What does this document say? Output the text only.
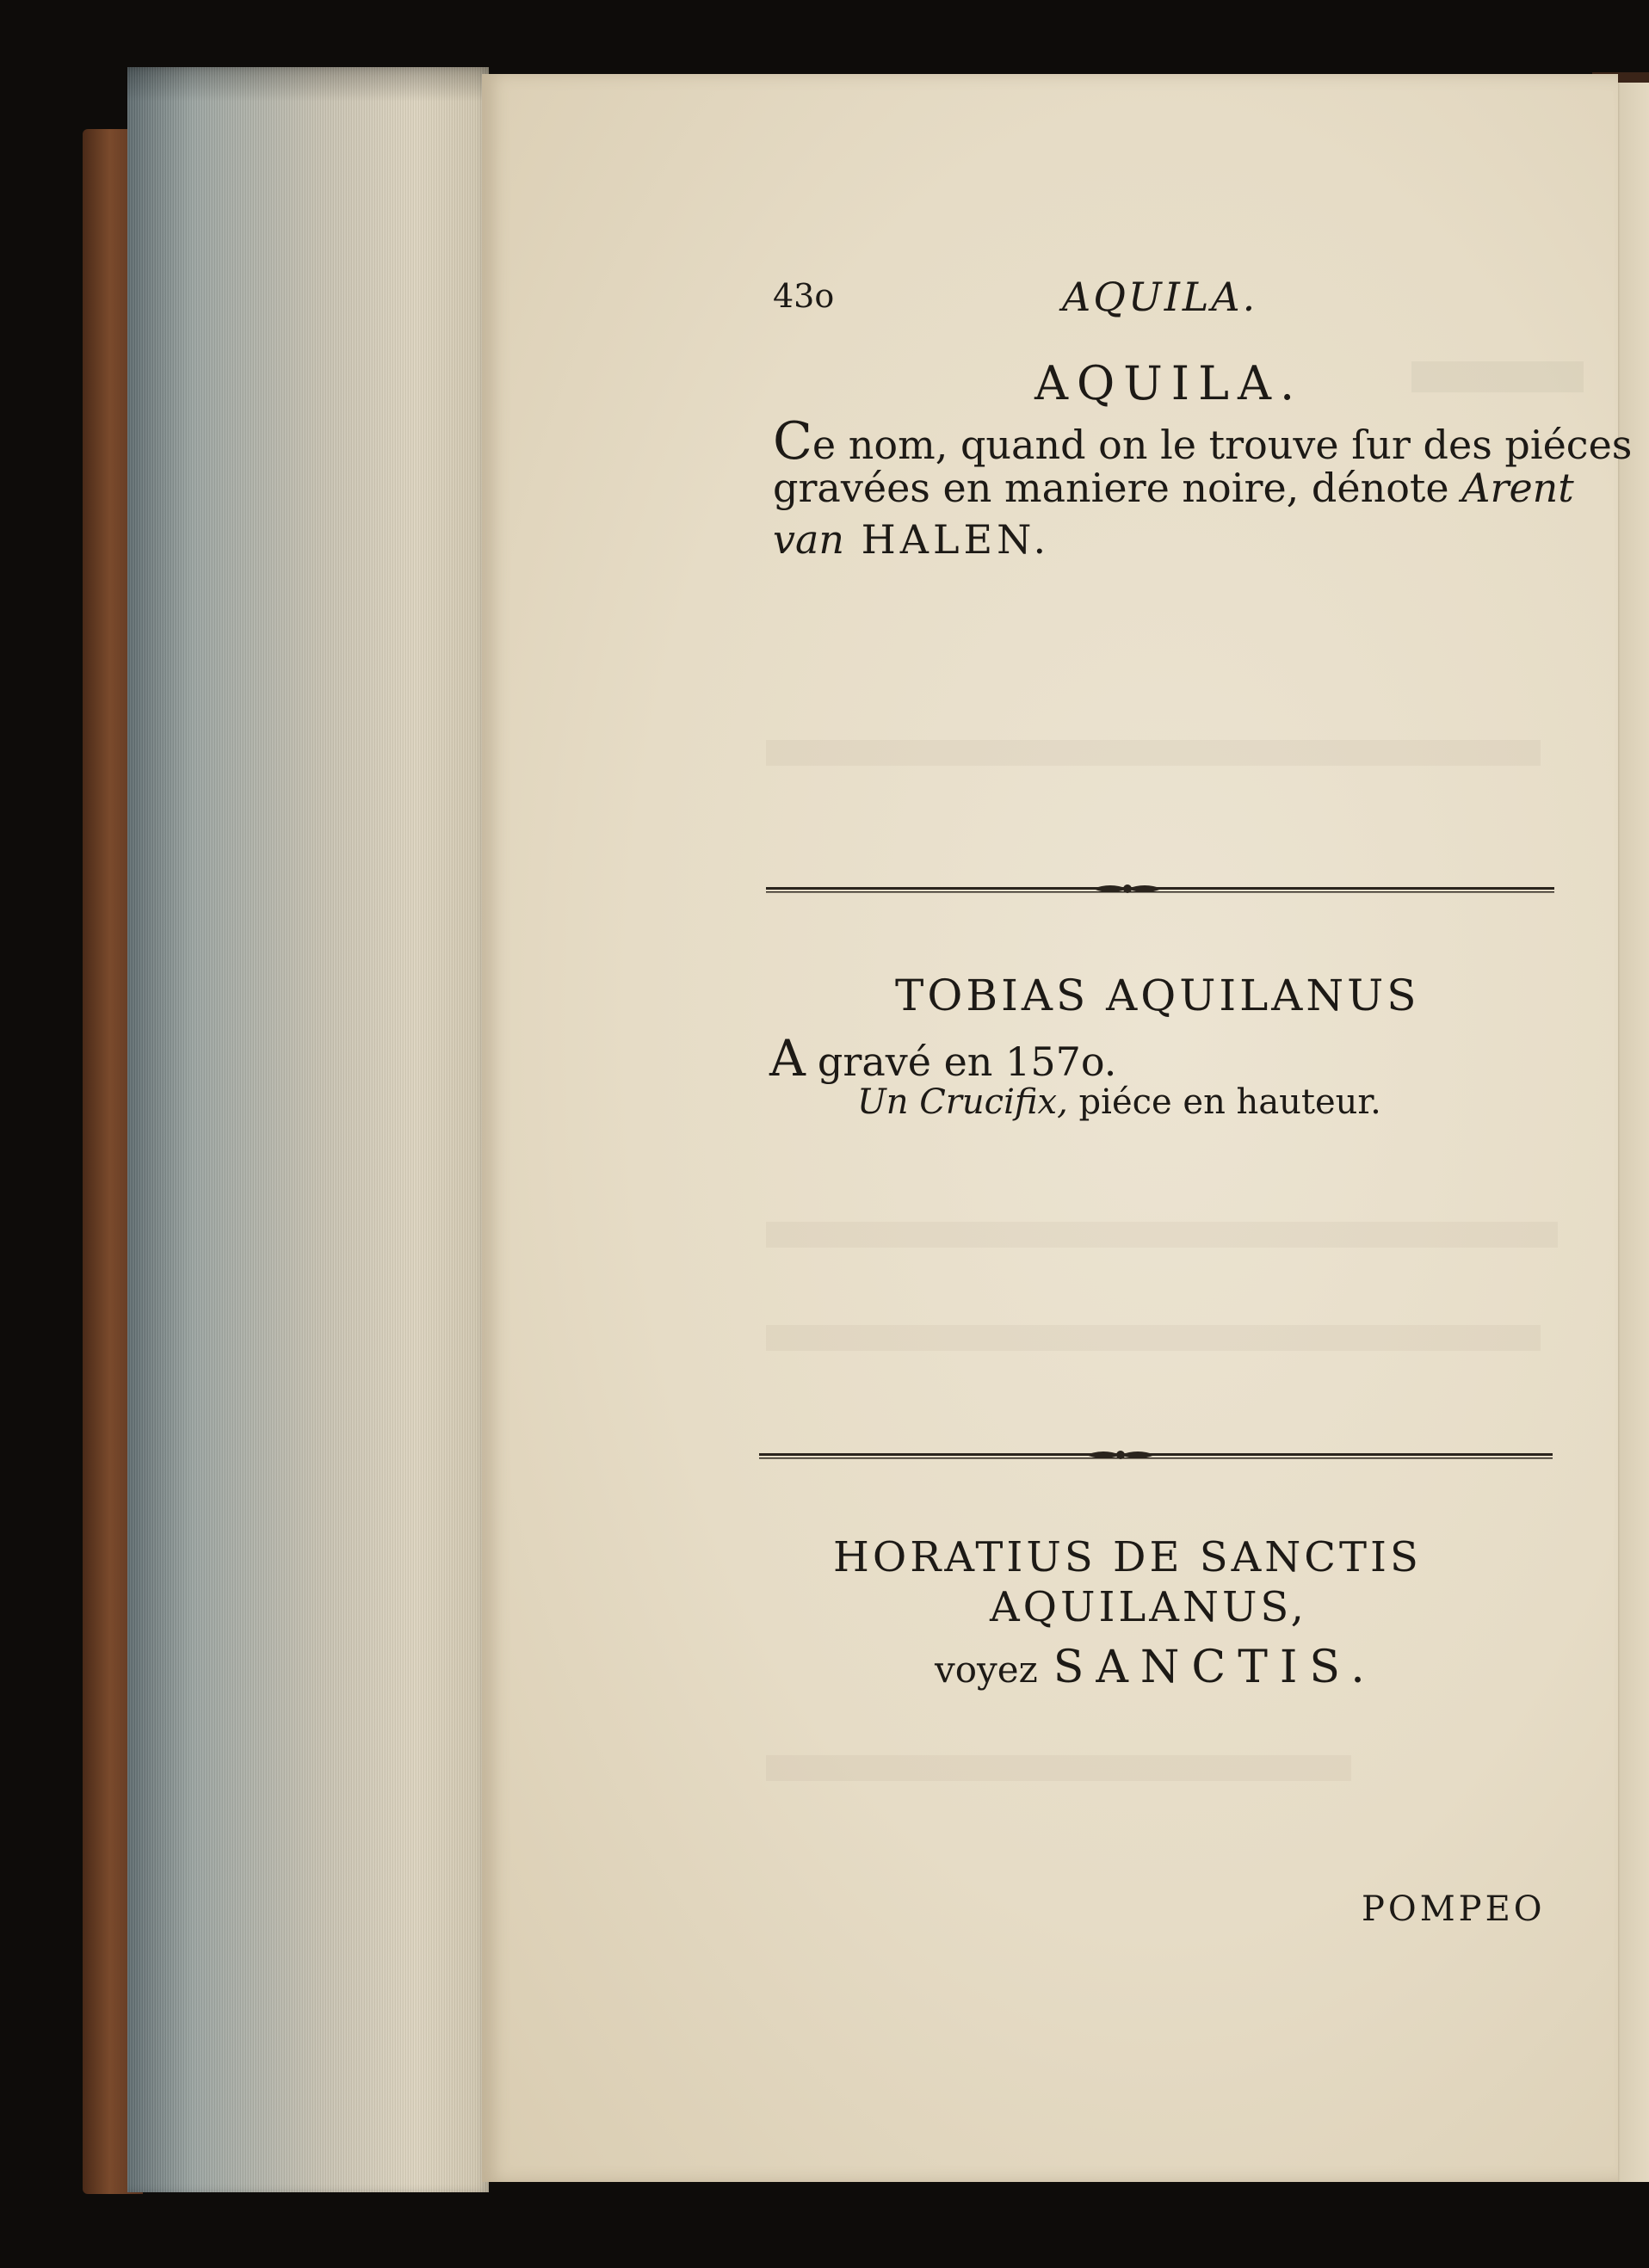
43o	AQUILA.
AQUILA.
Ce nom, quand on le trouve ſur des piéces
gravées en maniere noire, dénote Arent
van HALEN.
TOBIAS AQUILANUS
A gravé en 157o.
Un Crucifix, piéce en hauteur.
HORATIUS DE SANCTIS
AQUILANUS,
voyez SANCTIS.
POMPEO
